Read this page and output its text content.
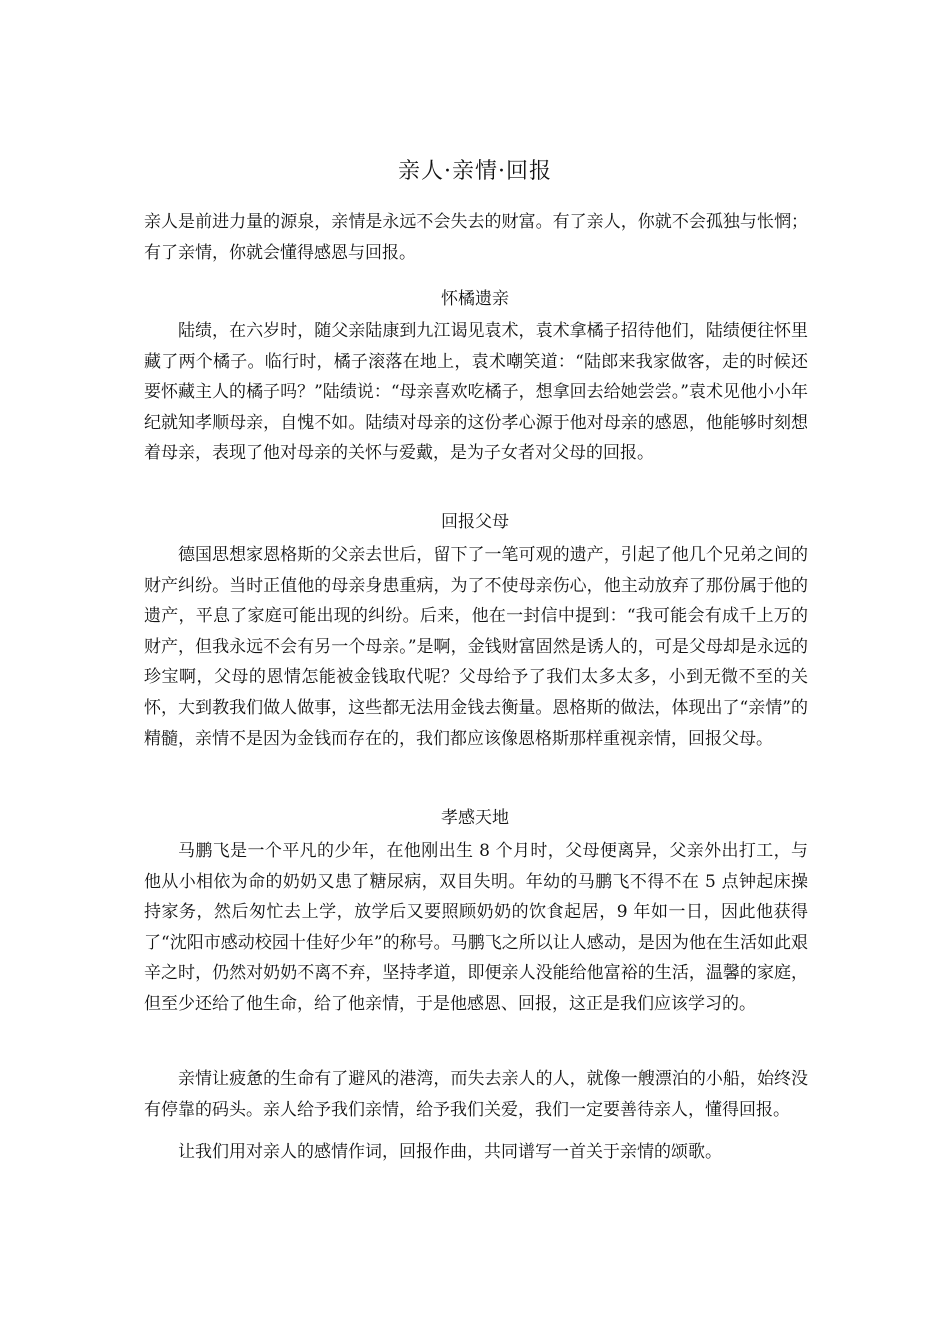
亲人·亲情·回报
亲人是前进力量的源泉，亲情是永远不会失去的财富。有了亲人，你就不会孤独与怅惘；有了亲情，你就会懂得感恩与回报。
怀橘遗亲
陆绩，在六岁时，随父亲陆康到九江谒见袁术，袁术拿橘子招待他们，陆绩便往怀里藏了两个橘子。临行时，橘子滚落在地上，袁术嘲笑道：“陆郎来我家做客，走的时候还要怀藏主人的橘子吗？”陆绩说：“母亲喜欢吃橘子，想拿回去给她尝尝。”袁术见他小小年纪就知孝顺母亲，自愧不如。陆绩对母亲的这份孝心源于他对母亲的感恩，他能够时刻想着母亲，表现了他对母亲的关怀与爱戴，是为子女者对父母的回报。
回报父母
德国思想家恩格斯的父亲去世后，留下了一笔可观的遗产，引起了他几个兄弟之间的财产纠纷。当时正值他的母亲身患重病，为了不使母亲伤心，他主动放弃了那份属于他的遗产，平息了家庭可能出现的纠纷。后来，他在一封信中提到：“我可能会有成千上万的财产，但我永远不会有另一个母亲。”是啊，金钱财富固然是诱人的，可是父母却是永远的珍宝啊，父母的恩情怎能被金钱取代呢？父母给予了我们太多太多，小到无微不至的关怀，大到教我们做人做事，这些都无法用金钱去衡量。恩格斯的做法，体现出了“亲情”的精髓，亲情不是因为金钱而存在的，我们都应该像恩格斯那样重视亲情，回报父母。
孝感天地
马鹏飞是一个平凡的少年，在他刚出生 8 个月时，父母便离异，父亲外出打工，与他从小相依为命的奶奶又患了糖尿病，双目失明。年幼的马鹏飞不得不在 5 点钟起床操持家务，然后匆忙去上学，放学后又要照顾奶奶的饮食起居，9 年如一日，因此他获得了“沈阳市感动校园十佳好少年”的称号。马鹏飞之所以让人感动，是因为他在生活如此艰辛之时，仍然对奶奶不离不弃，坚持孝道，即便亲人没能给他富裕的生活，温馨的家庭，但至少还给了他生命，给了他亲情，于是他感恩、回报，这正是我们应该学习的。
亲情让疲惫的生命有了避风的港湾，而失去亲人的人，就像一艘漂泊的小船，始终没有停靠的码头。亲人给予我们亲情，给予我们关爱，我们一定要善待亲人，懂得回报。
让我们用对亲人的感情作词，回报作曲，共同谱写一首关于亲情的颂歌。
